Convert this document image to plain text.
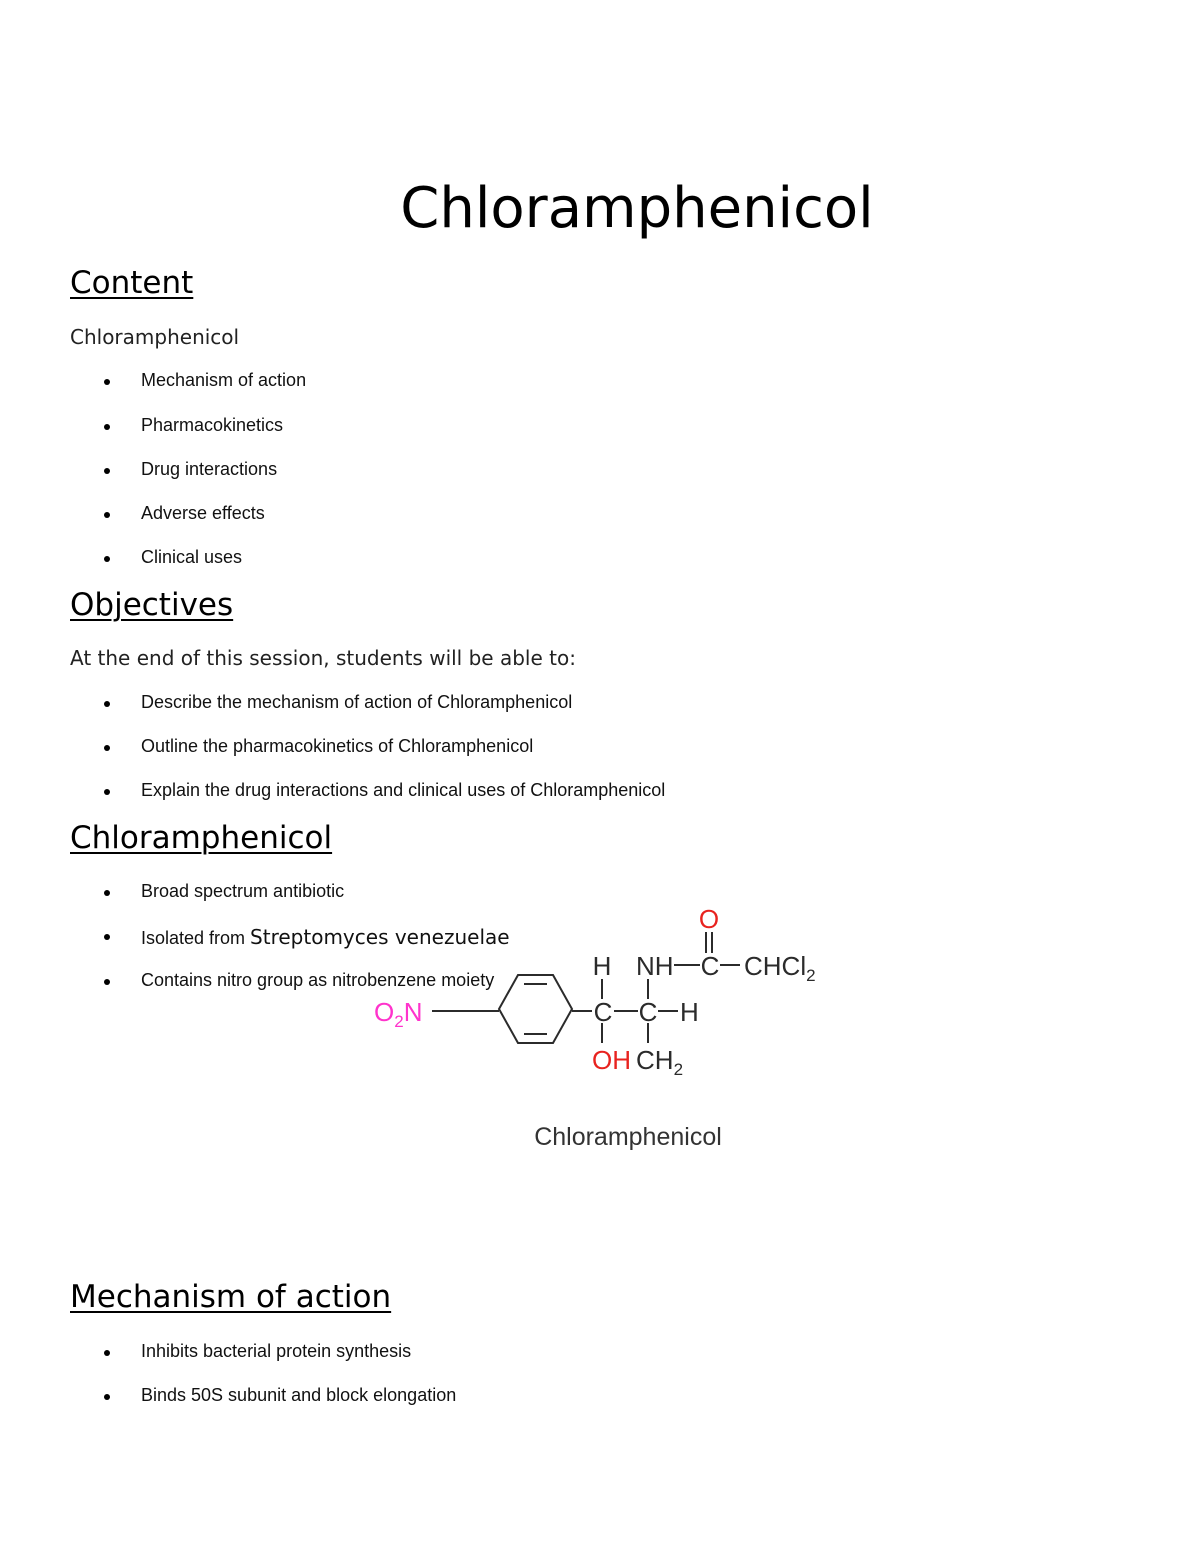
Chloramphenicol
Content

Chloramphenicol

Mechanism of action
Pharmacokinetics
Drug interactions
Adverse effects
Clinical uses
Objectives

At the end of this session, students will be able to:

Describe the mechanism of action of Chloramphenicol
Outline the pharmacokinetics of Chloramphenicol
Explain the drug interactions and clinical uses of Chloramphenicol
Chloramphenicol
Broad spectrum antibiotic
Isolated from Streptomyces venezuelae
O
H NH C CHCl$_2$
$O_2N$	C C H
OH $CH_2$
Chloramphenicol
Contains nitro group as nitrobenzene moiety
Mechanism of action
Inhibits bacterial protein synthesis
Binds 50S subunit and block elongation
